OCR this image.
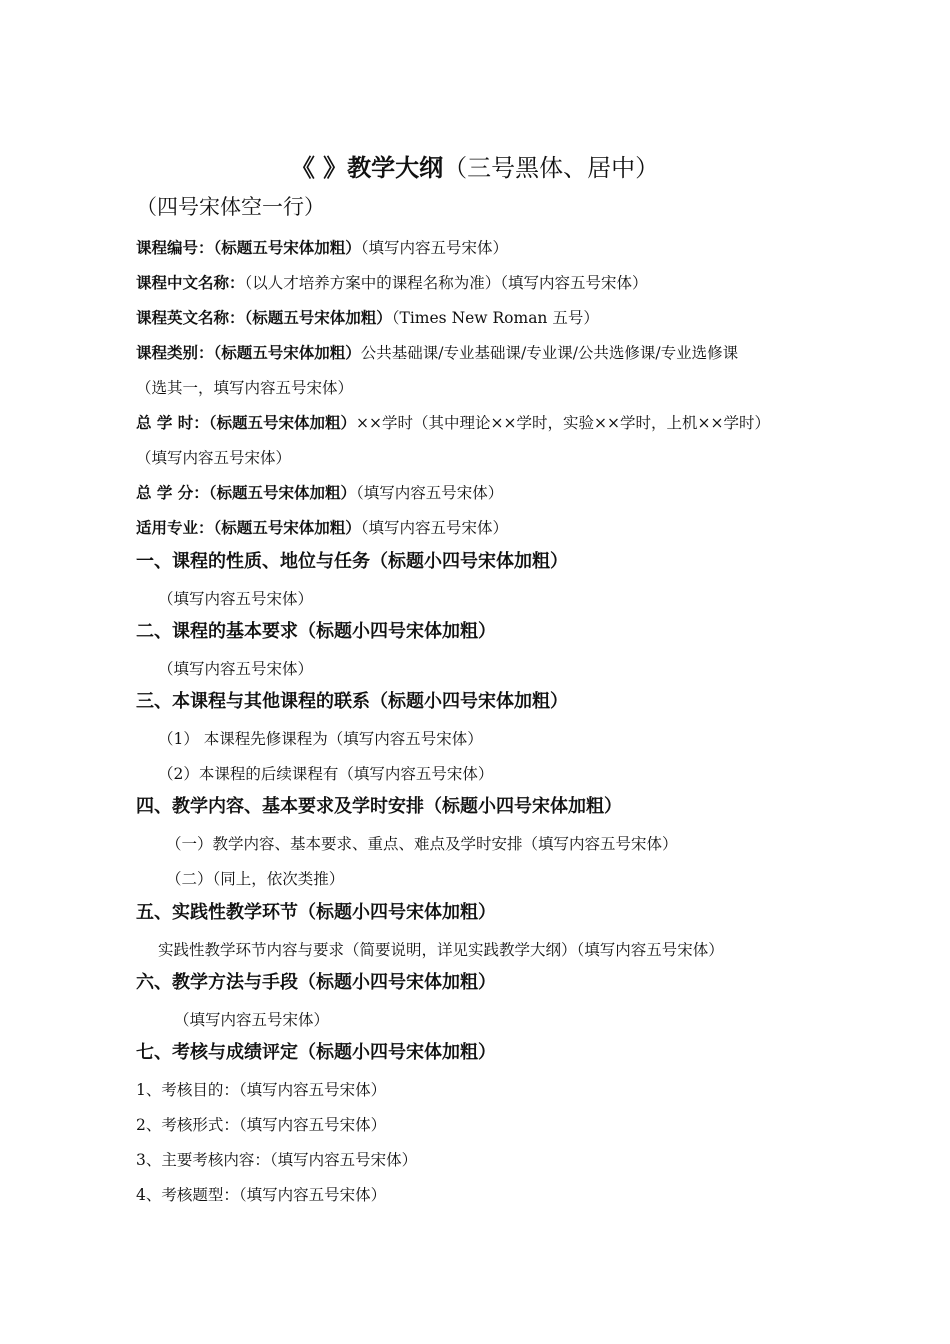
《 》教学大纲（三号黑体、居中）
（四号宋体空一行）
课程编号：（标题五号宋体加粗）（填写内容五号宋体）
课程中文名称：（以人才培养方案中的课程名称为准）（填写内容五号宋体）
课程英文名称：（标题五号宋体加粗）（Times New Roman 五号）
课程类别：（标题五号宋体加粗）公共基础课/专业基础课/专业课/公共选修课/专业选修课
（选其一，填写内容五号宋体）
总 学 时：（标题五号宋体加粗）××学时（其中理论××学时，实验××学时，上机××学时）
（填写内容五号宋体）
总 学 分：（标题五号宋体加粗）（填写内容五号宋体）
适用专业：（标题五号宋体加粗）（填写内容五号宋体）
一、课程的性质、地位与任务（标题小四号宋体加粗）
（填写内容五号宋体）
二、课程的基本要求（标题小四号宋体加粗）
（填写内容五号宋体）
三、本课程与其他课程的联系（标题小四号宋体加粗）
（1） 本课程先修课程为（填写内容五号宋体）
（2）本课程的后续课程有（填写内容五号宋体）
四、教学内容、基本要求及学时安排（标题小四号宋体加粗）
（一）教学内容、基本要求、重点、难点及学时安排（填写内容五号宋体）
（二）（同上，依次类推）
五、实践性教学环节（标题小四号宋体加粗）
实践性教学环节内容与要求（简要说明，详见实践教学大纲）（填写内容五号宋体）
六、教学方法与手段（标题小四号宋体加粗）
（填写内容五号宋体）
七、考核与成绩评定（标题小四号宋体加粗）
1、考核目的：（填写内容五号宋体）
2、考核形式：（填写内容五号宋体）
3、主要考核内容：（填写内容五号宋体）
4、考核题型：（填写内容五号宋体）
